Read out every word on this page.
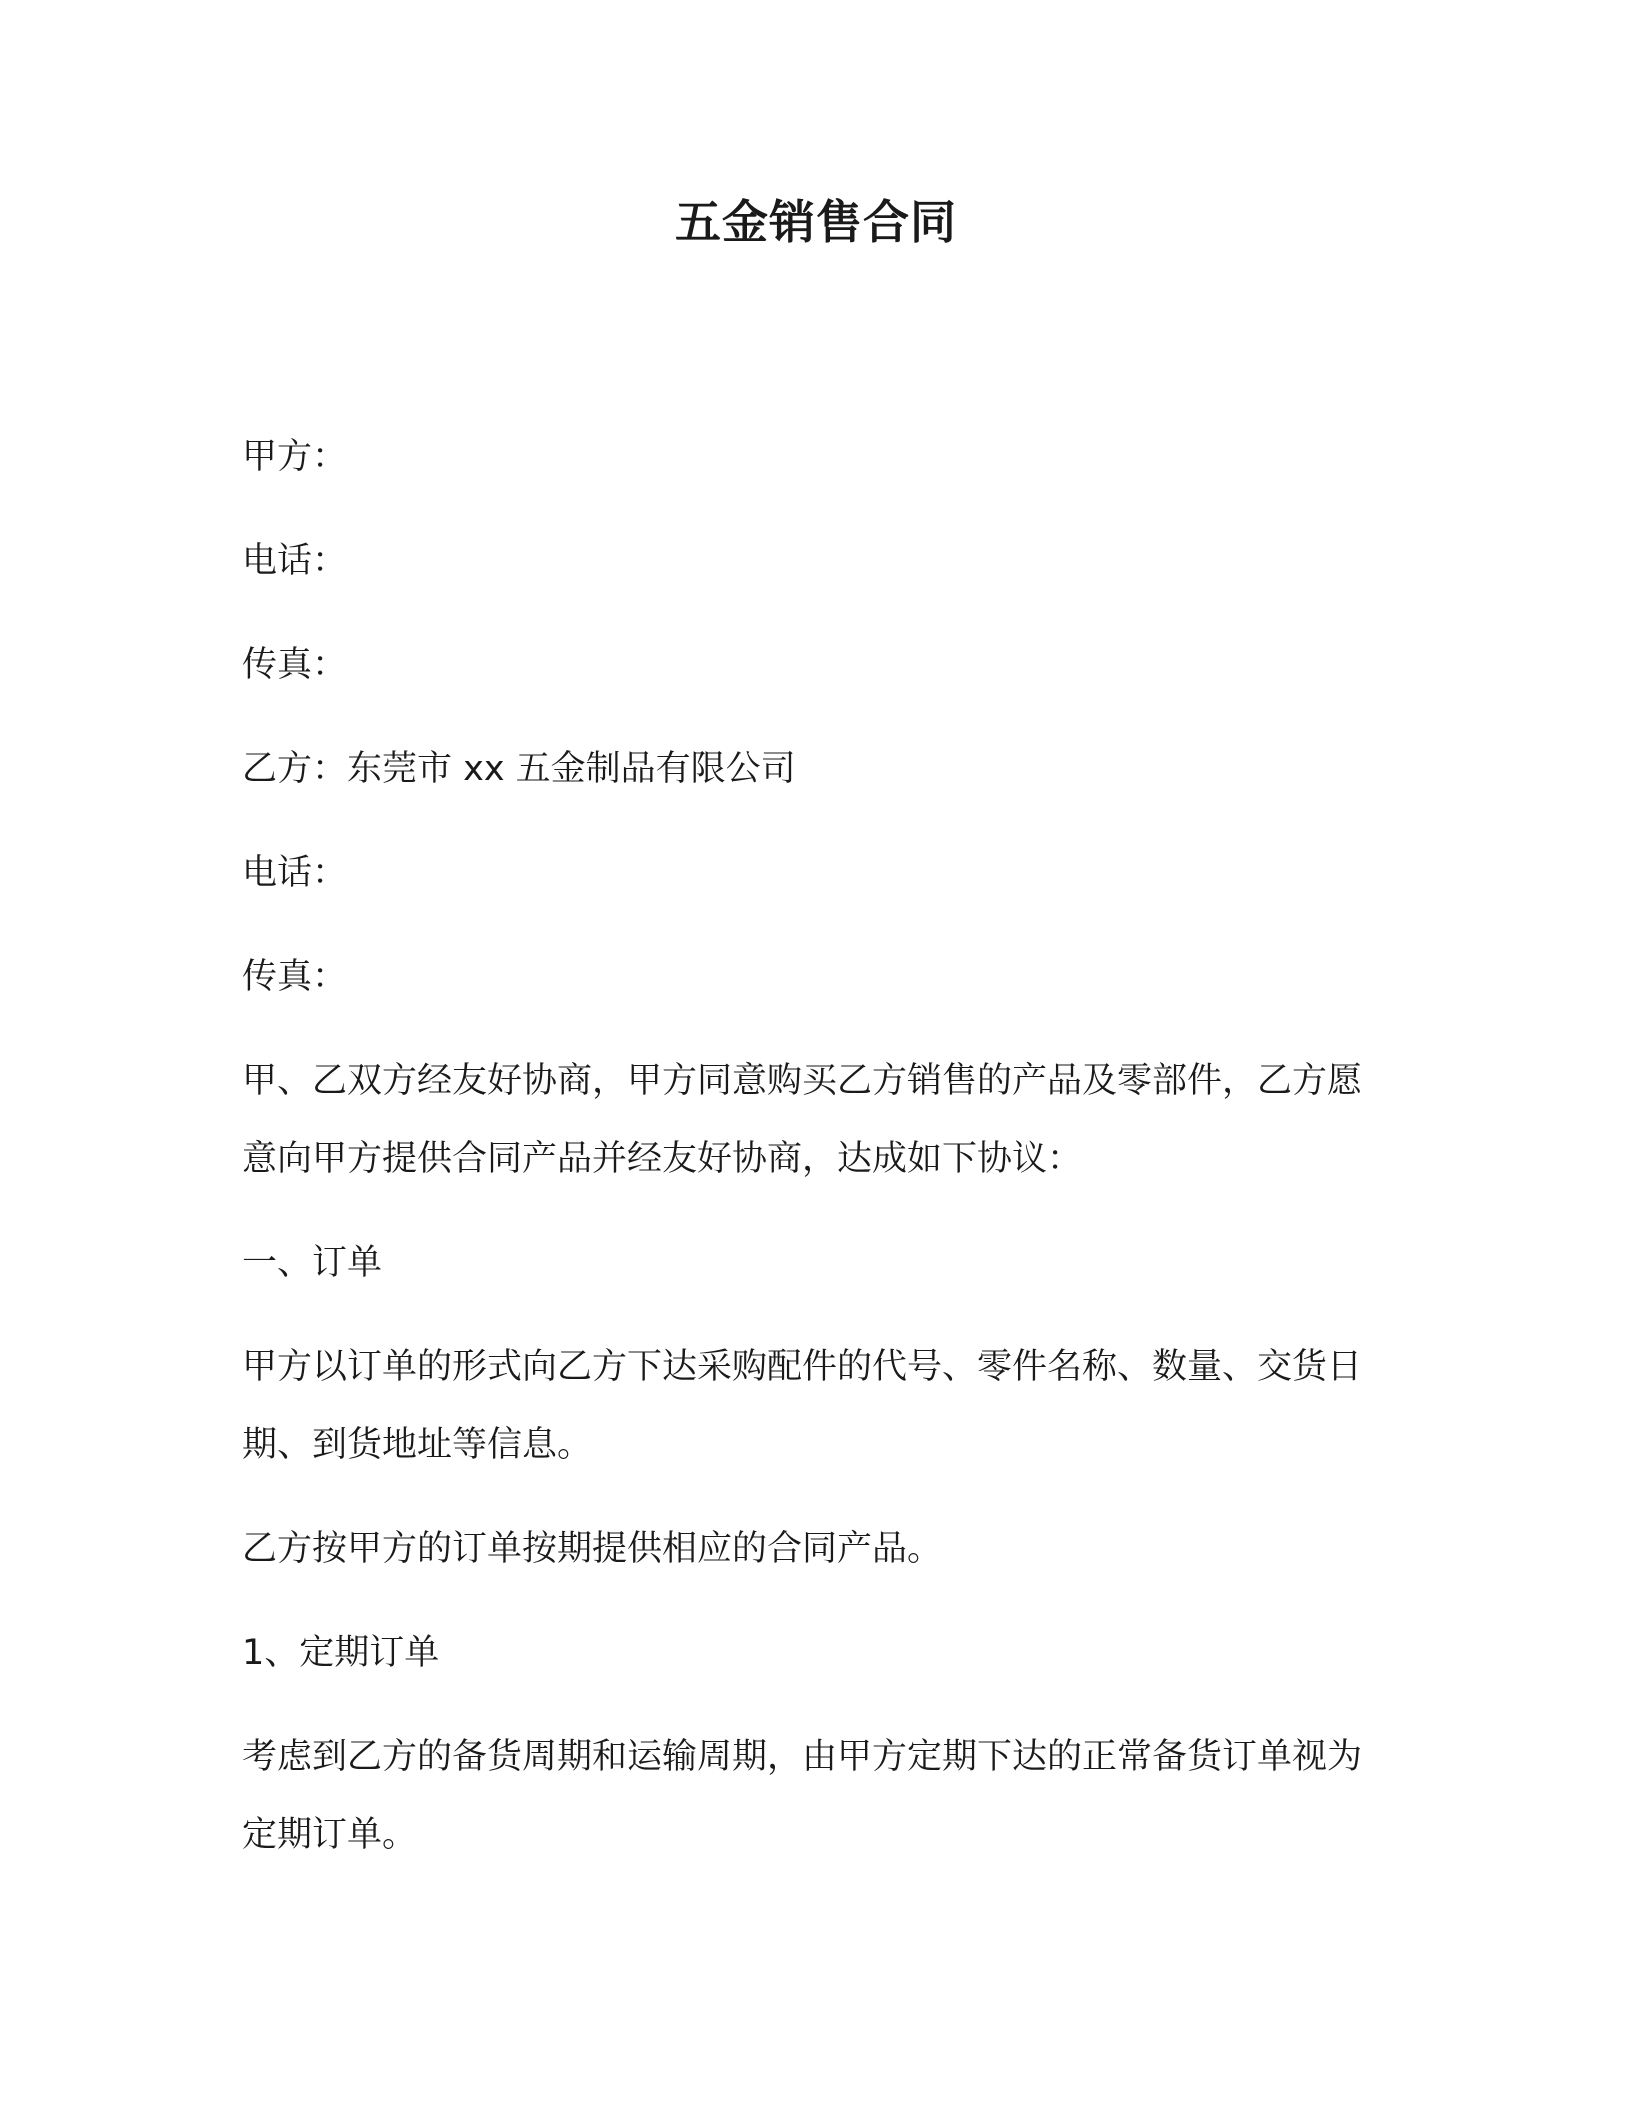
五金销售合同

甲方：

电话：

传真：

乙方：东莞市 xx 五金制品有限公司

电话：

传真：

甲、乙双方经友好协商，甲方同意购买乙方销售的产品及零部件，乙方愿意向甲方提供合同产品并经友好协商，达成如下协议：

一、订单

甲方以订单的形式向乙方下达采购配件的代号、零件名称、数量、交货日期、到货地址等信息。

乙方按甲方的订单按期提供相应的合同产品。

1、定期订单

考虑到乙方的备货周期和运输周期，由甲方定期下达的正常备货订单视为定期订单。
